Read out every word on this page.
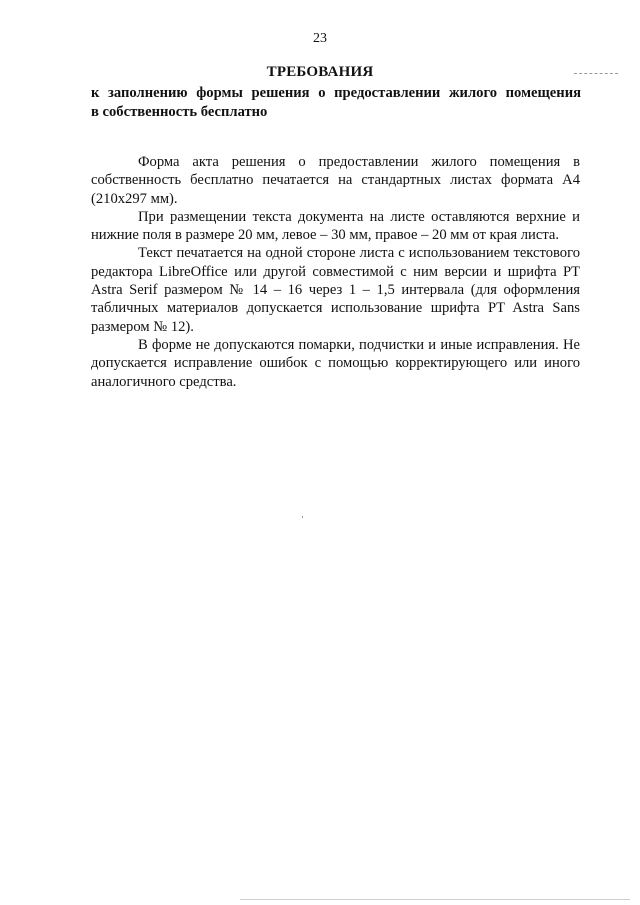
23
ТРЕБОВАНИЯ
к заполнению формы решения о предоставлении жилого помещения
в собственность бесплатно

Форма акта решения о предоставлении жилого помещения в собственность бесплатно печатается на стандартных листах формата А4 (210х297 мм).

При размещении текста документа на листе оставляются верхние и нижние поля в размере 20 мм, левое – 30 мм, правое – 20 мм от края листа.

Текст печатается на одной стороне листа с использованием текстового редактора LibreOffice или другой совместимой с ним версии и шрифта PT Astra Serif размером № 14 – 16 через 1 – 1,5 интервала (для оформления табличных материалов допускается использование шрифта PT Astra Sans размером № 12).

В форме не допускаются помарки, подчистки и иные исправления. Не допускается исправление ошибок с помощью корректирующего или иного аналогичного средства.
